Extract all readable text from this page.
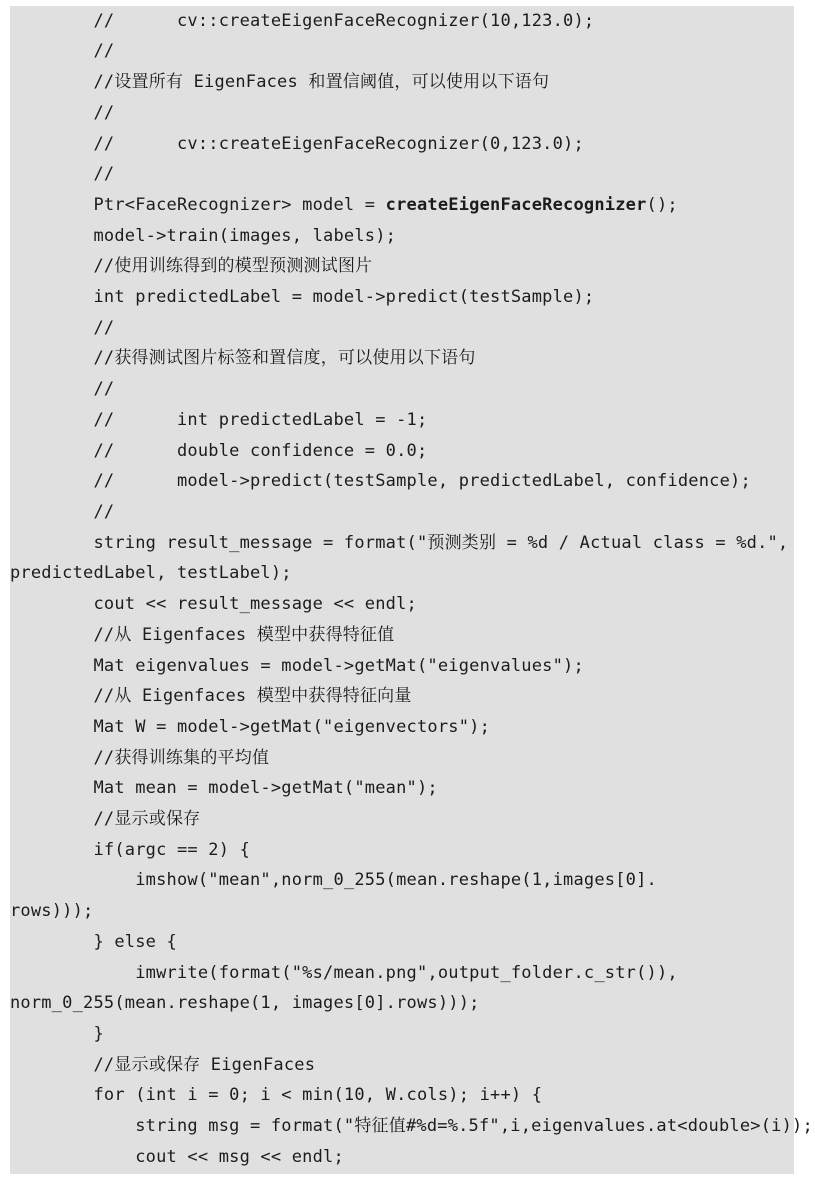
//      cv::createEigenFaceRecognizer(10,123.0);
//
//设置所有 EigenFaces 和置信阈值，可以使用以下语句
//
//      cv::createEigenFaceRecognizer(0,123.0);
//
Ptr<FaceRecognizer> model = createEigenFaceRecognizer();
model->train(images, labels);
//使用训练得到的模型预测测试图片
int predictedLabel = model->predict(testSample);
//
//获得测试图片标签和置信度，可以使用以下语句
//
//      int predictedLabel = -1;
//      double confidence = 0.0;
//      model->predict(testSample, predictedLabel, confidence);
//
string result_message = format("预测类别 = %d / Actual class = %d.",
predictedLabel, testLabel);
cout << result_message << endl;
//从 Eigenfaces 模型中获得特征值
Mat eigenvalues = model->getMat("eigenvalues");
//从 Eigenfaces 模型中获得特征向量
Mat W = model->getMat("eigenvectors");
//获得训练集的平均值
Mat mean = model->getMat("mean");
//显示或保存
if(argc == 2) {
imshow("mean",norm_0_255(mean.reshape(1,images[0].
rows)));
} else {
imwrite(format("%s/mean.png",output_folder.c_str()),
norm_0_255(mean.reshape(1, images[0].rows)));
}
//显示或保存 EigenFaces
for (int i = 0; i < min(10, W.cols); i++) {
string msg = format("特征值#%d=%.5f",i,eigenvalues.at<double>(i));
cout << msg << endl;
